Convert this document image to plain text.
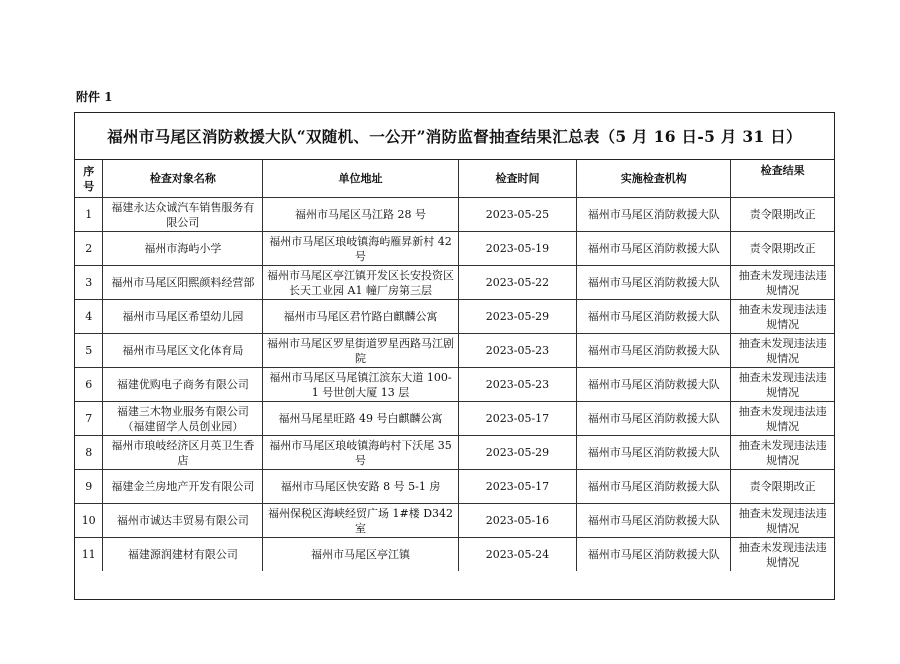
附件 1
福州市马尾区消防救援大队“双随机、一公开”消防监督抽查结果汇总表（5 月 16 日-5 月 31 日）
序号	检查对象名称	单位地址	检查时间	实施检查机构	检查结果
1	福建永达众诚汽车销售服务有限公司	福州市马尾区马江路 28 号	2023-05-25	福州市马尾区消防救援大队	责令限期改正
2	福州市海屿小学	福州市马尾区琅岐镇海屿雁昇新村 42 号	2023-05-19	福州市马尾区消防救援大队	责令限期改正
3	福州市马尾区阳熙颜料经营部	福州市马尾区亭江镇开发区长安投资区长天工业园 A1 幢厂房第三层	2023-05-22	福州市马尾区消防救援大队	抽查未发现违法违规情况
4	福州市马尾区希望幼儿园	福州市马尾区君竹路白麒麟公寓	2023-05-29	福州市马尾区消防救援大队	抽查未发现违法违规情况
5	福州市马尾区文化体育局	福州市马尾区罗星街道罗星西路马江剧院	2023-05-23	福州市马尾区消防救援大队	抽查未发现违法违规情况
6	福建优购电子商务有限公司	福州市马尾区马尾镇江滨东大道 100-1 号世创大厦 13 层	2023-05-23	福州市马尾区消防救援大队	抽查未发现违法违规情况
7	福建三木物业服务有限公司（福建留学人员创业园）	福州马尾星旺路 49 号白麒麟公寓	2023-05-17	福州市马尾区消防救援大队	抽查未发现违法违规情况
8	福州市琅岐经济区月英卫生香店	福州市马尾区琅岐镇海屿村下沃尾 35 号	2023-05-29	福州市马尾区消防救援大队	抽查未发现违法违规情况
9	福建金兰房地产开发有限公司	福州市马尾区快安路 8 号 5-1 房	2023-05-17	福州市马尾区消防救援大队	责令限期改正
10	福州市诚达丰贸易有限公司	福州保税区海峡经贸广场 1#楼 D342 室	2023-05-16	福州市马尾区消防救援大队	抽查未发现违法违规情况
11	福建源润建材有限公司	福州市马尾区亭江镇	2023-05-24	福州市马尾区消防救援大队	抽查未发现违法违规情况
